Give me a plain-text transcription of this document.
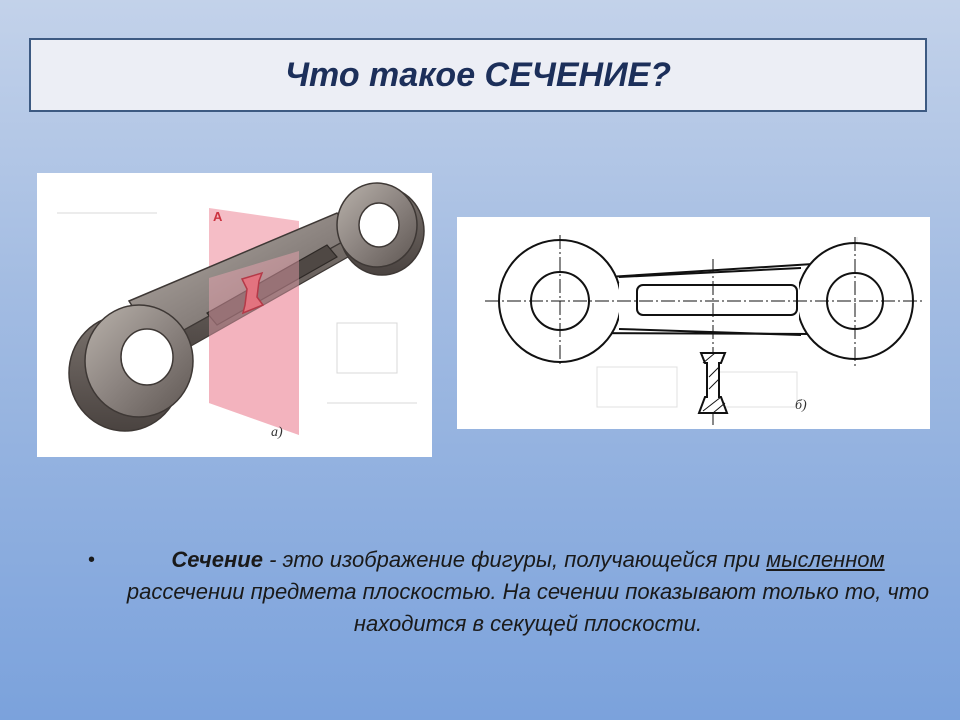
Что такое СЕЧЕНИЕ?
А
а)
б)
•	Сечение - это изображение фигуры, получающейся при мысленном рассечении предмета плоскостью. На сечении показывают только то, что находится в секущей плоскости.
